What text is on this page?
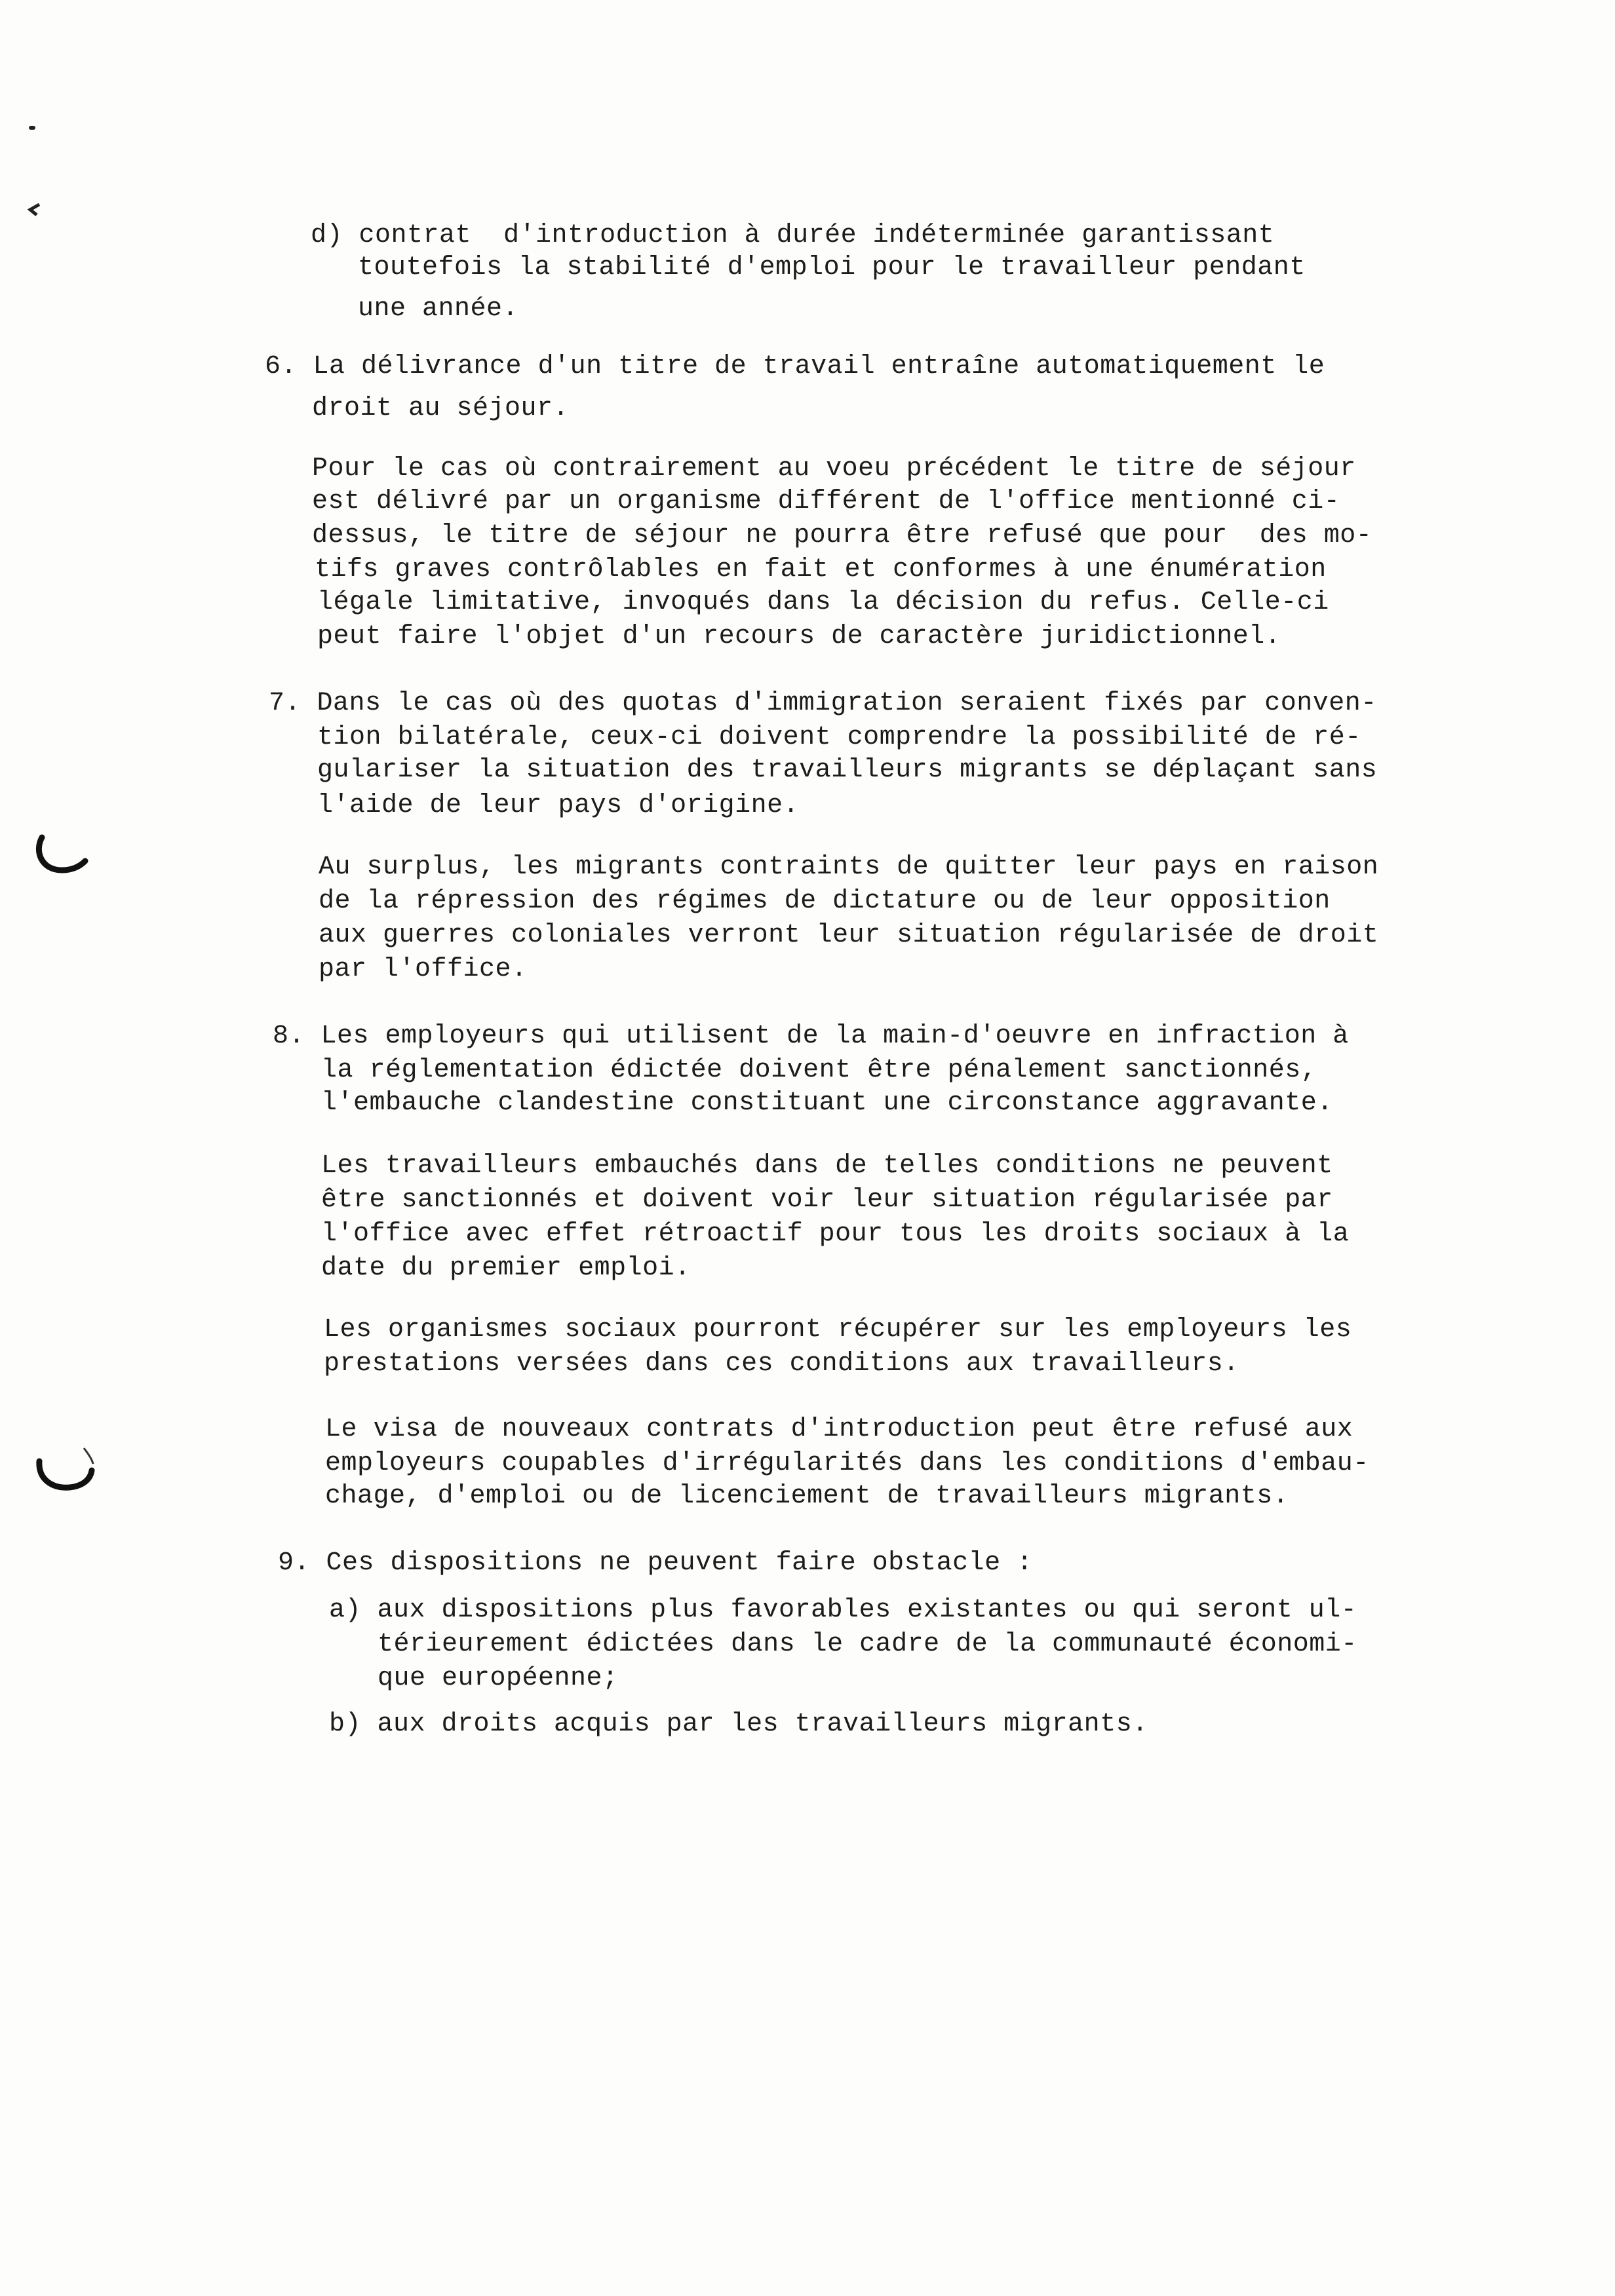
d) contrat  d'introduction à durée indéterminée garantissant
toutefois la stabilité d'emploi pour le travailleur pendant
une année.
6. La délivrance d'un titre de travail entraîne automatiquement le
droit au séjour.
Pour le cas où contrairement au voeu précédent le titre de séjour
est délivré par un organisme différent de l'office mentionné ci-
dessus, le titre de séjour ne pourra être refusé que pour  des mo-
tifs graves contrôlables en fait et conformes à une énumération
légale limitative, invoqués dans la décision du refus. Celle-ci
peut faire l'objet d'un recours de caractère juridictionnel.
7. Dans le cas où des quotas d'immigration seraient fixés par conven-
tion bilatérale, ceux-ci doivent comprendre la possibilité de ré-
gulariser la situation des travailleurs migrants se déplaçant sans
l'aide de leur pays d'origine.
Au surplus, les migrants contraints de quitter leur pays en raison
de la répression des régimes de dictature ou de leur opposition
aux guerres coloniales verront leur situation régularisée de droit
par l'office.
8. Les employeurs qui utilisent de la main-d'oeuvre en infraction à
la réglementation édictée doivent être pénalement sanctionnés,
l'embauche clandestine constituant une circonstance aggravante.
Les travailleurs embauchés dans de telles conditions ne peuvent
être sanctionnés et doivent voir leur situation régularisée par
l'office avec effet rétroactif pour tous les droits sociaux à la
date du premier emploi.
Les organismes sociaux pourront récupérer sur les employeurs les
prestations versées dans ces conditions aux travailleurs.
Le visa de nouveaux contrats d'introduction peut être refusé aux
employeurs coupables d'irrégularités dans les conditions d'embau-
chage, d'emploi ou de licenciement de travailleurs migrants.
9. Ces dispositions ne peuvent faire obstacle :
a) aux dispositions plus favorables existantes ou qui seront ul-
térieurement édictées dans le cadre de la communauté économi-
que européenne;
b) aux droits acquis par les travailleurs migrants.
